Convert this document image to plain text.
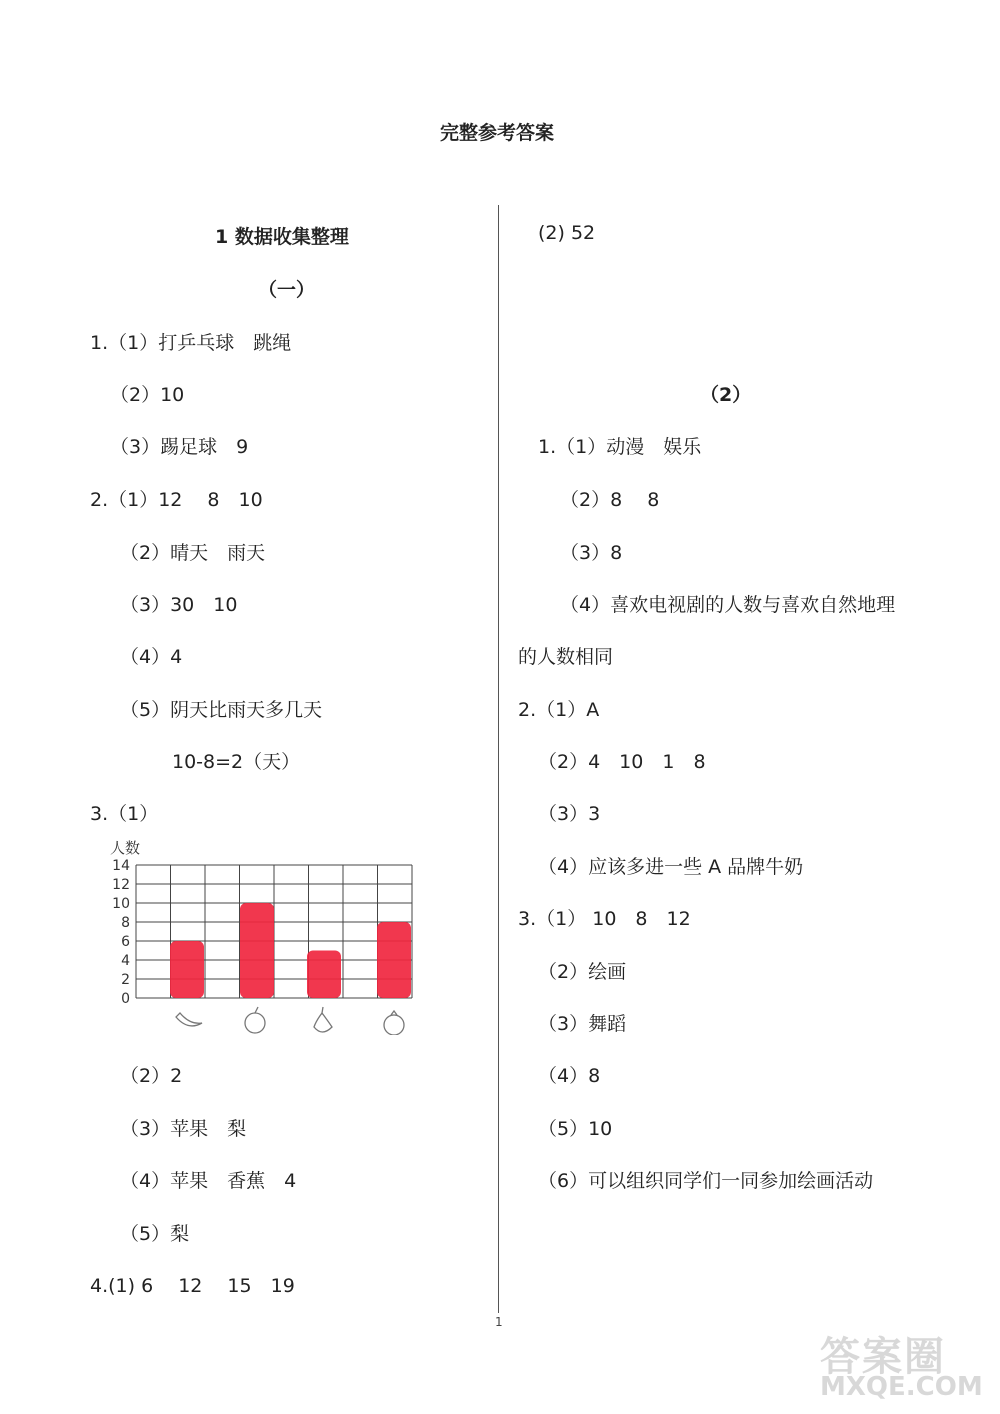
完整参考答案
1 数据收集整理
（一）
1.（1）打乒乓球　跳绳
（2）10
（3）踢足球　9
2.（1）12　 8　10
（2）晴天　雨天
（3）30　10
（4）4
（5）阴天比雨天多几天
10-8=2（天）
3.（1）
人数
14
12
10
8
6
4
2
0
（2）2
（3）苹果　梨
（4）苹果　香蕉　4
（5）梨
4.(1) 6　 12　 15　19
(2) 52
（2）
1.（1）动漫　娱乐
（2）8　 8
（3）8
（4）喜欢电视剧的人数与喜欢自然地理
的人数相同
2.（1）A
（2）4　10　1　8
（3）3
（4）应该多进一些 A 品牌牛奶
3.（1） 10　8　12
（2）绘画
（3）舞蹈
（4）8
（5）10
（6）可以组织同学们一同参加绘画活动
1
答案圈
MXQE.COM
